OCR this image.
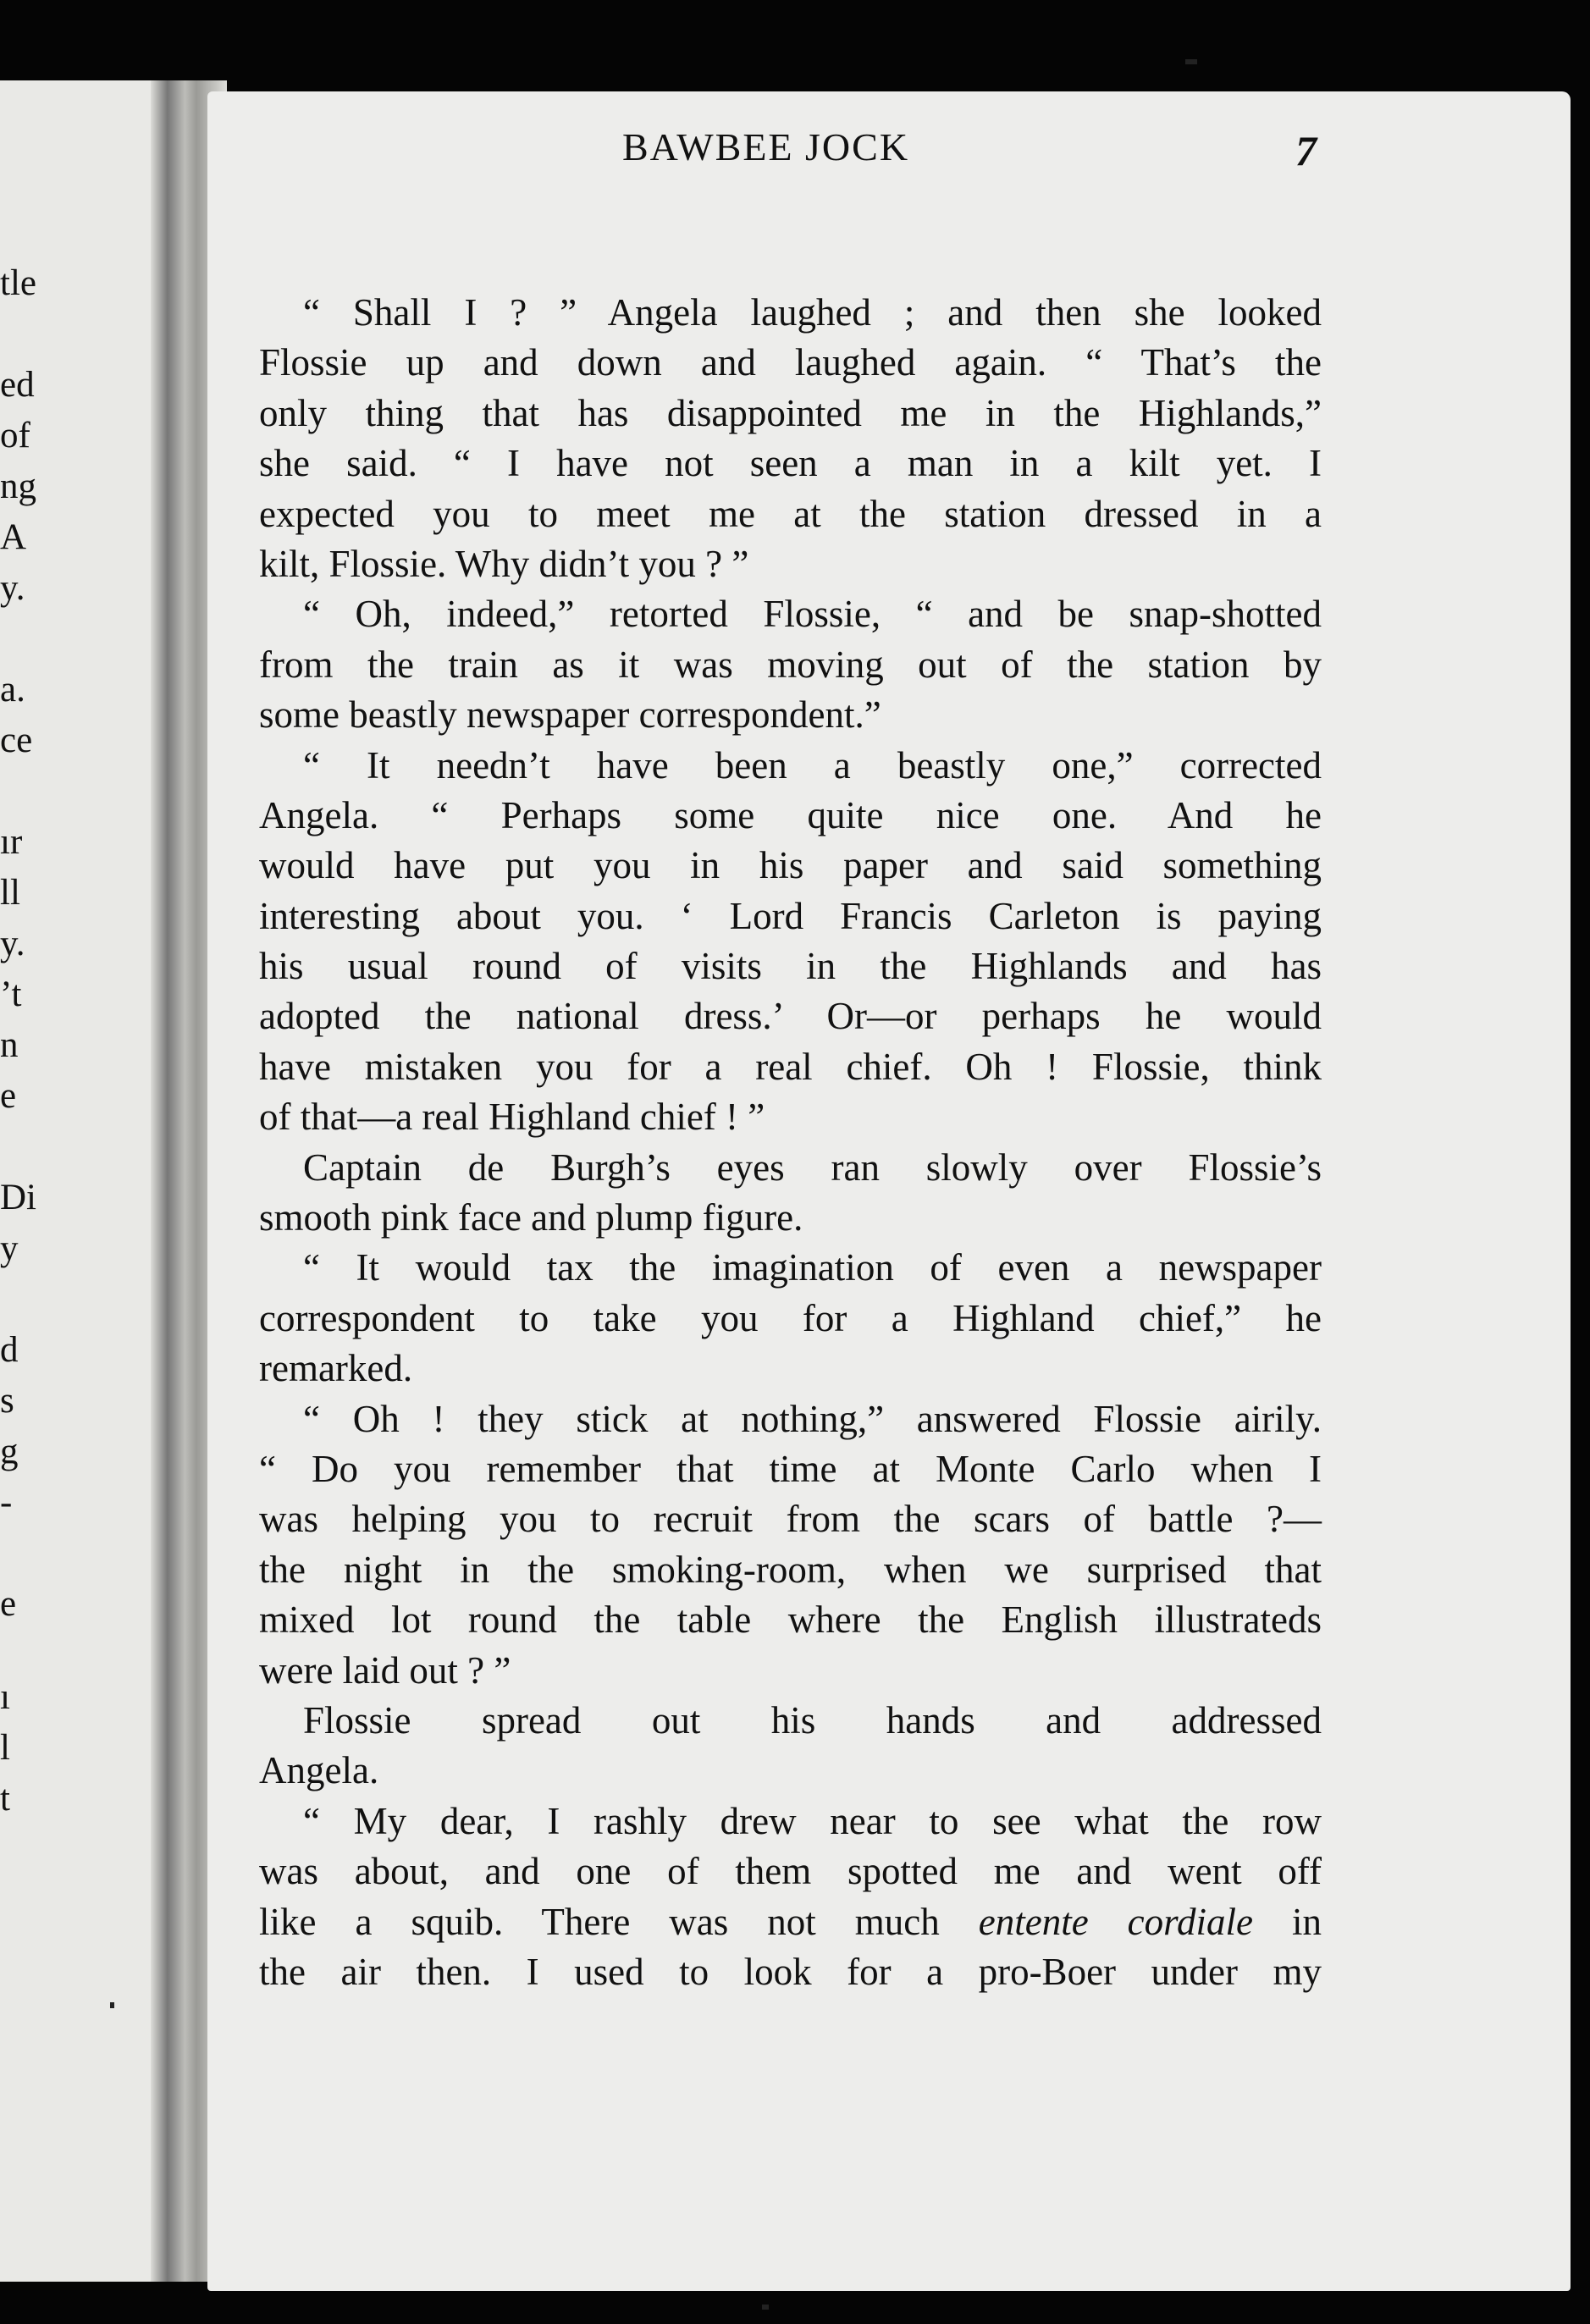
tle
ed
of
ng
A
y.
a.
ce
ır
ll
y.
’t
n
e
Di
y
d
s
g
-
e
ı
l
t
BAWBEE JOCK	7
“ Shall I ? ” Angela laughed ; and then she looked
Flossie up and down and laughed again. “ That’s the
only thing that has disappointed me in the Highlands,”
she said. “ I have not seen a man in a kilt yet. I
expected you to meet me at the station dressed in a
kilt, Flossie. Why didn’t you ? ”
“ Oh, indeed,” retorted Flossie, “ and be snap-shotted
from the train as it was moving out of the station by
some beastly newspaper correspondent.”
“ It needn’t have been a beastly one,” corrected
Angela. “ Perhaps some quite nice one. And he
would have put you in his paper and said something
interesting about you. ‘ Lord Francis Carleton is paying
his usual round of visits in the Highlands and has
adopted the national dress.’ Or—or perhaps he would
have mistaken you for a real chief. Oh ! Flossie, think
of that—a real Highland chief ! ”
Captain de Burgh’s eyes ran slowly over Flossie’s
smooth pink face and plump figure.
“ It would tax the imagination of even a newspaper
correspondent to take you for a Highland chief,” he
remarked.
“ Oh ! they stick at nothing,” answered Flossie airily.
“ Do you remember that time at Monte Carlo when I
was helping you to recruit from the scars of battle ?—
the night in the smoking-room, when we surprised that
mixed lot round the table where the English illustrateds
were laid out ? ”
Flossie spread out his hands and addressed
Angela.
“ My dear, I rashly drew near to see what the row
was about, and one of them spotted me and went off
like a squib. There was not much entente cordiale in
the air then. I used to look for a pro-Boer under my
